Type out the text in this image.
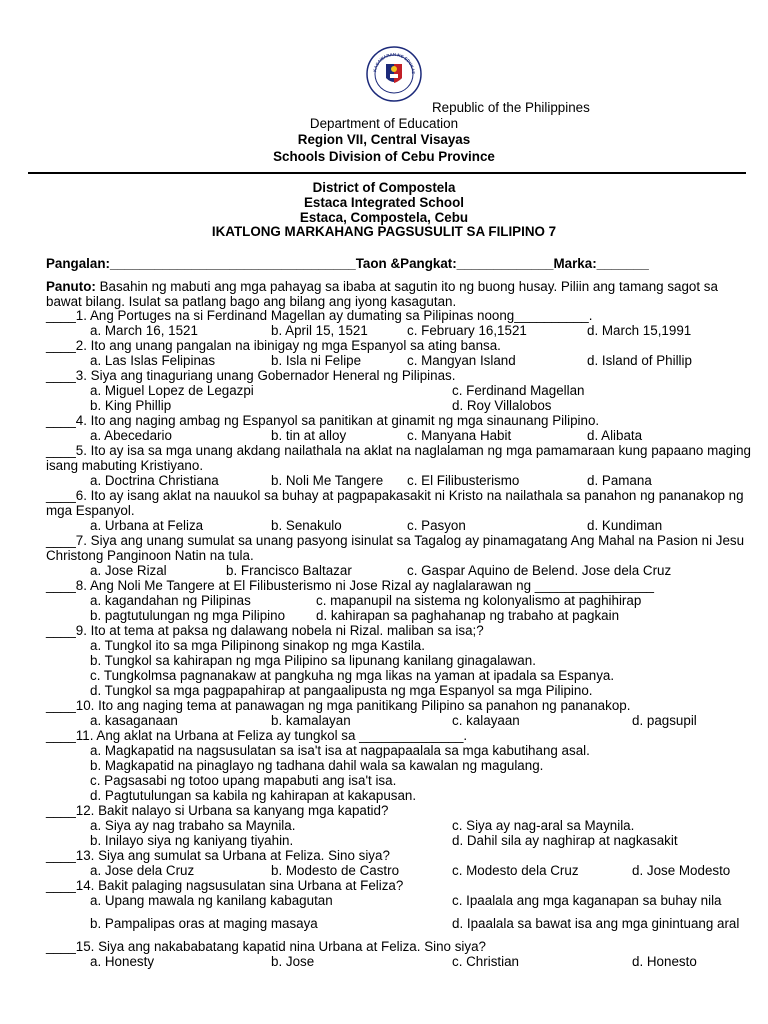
KAGAWARAN NG EDUKAS
Republic of the Philippines
Department of Education
Region VII, Central Visayas
Schools Division of Cebu Province
District of Compostela
Estaca Integrated School
Estaca, Compostela, Cebu
IKATLONG MARKAHANG PAGSUSULIT SA FILIPINO 7
Pangalan:_________________________________Taon &Pangkat:_____________Marka:_______
Panuto: Basahin ng mabuti ang mga pahayag sa ibaba at sagutin ito ng buong husay. Piliin ang tamang sagot sa bawat bilang. Isulat sa patlang bago ang bilang ang iyong kasagutan.
____1. Ang Portuges na si Ferdinand Magellan ay dumating sa Pilipinas noong__________.
a. March 16, 1521	b. April 15, 1521	c. February 16,1521	d. March 15,1991
____2. Ito ang unang pangalan na ibinigay ng mga Espanyol sa ating bansa.
a. Las Islas Felipinas	b. Isla ni Felipe	c. Mangyan Island	d. Island of Phillip
____3. Siya ang tinaguriang unang Gobernador Heneral ng Pilipinas.
a. Miguel Lopez de Legazpi	c. Ferdinand Magellan
b. King Phillip	d. Roy Villalobos
____4. Ito ang naging ambag ng Espanyol sa panitikan at ginamit ng mga sinaunang Pilipino.
a. Abecedario	b. tin at alloy	c. Manyana Habit	d. Alibata
____5. Ito ay isa sa mga unang akdang nailathala na aklat na naglalaman ng mga pamamaraan kung papaano maging isang mabuting Kristiyano.
a. Doctrina Christiana	b. Noli Me Tangere c. El Filibusterismo	d. Pamana
____6. Ito ay isang aklat na nauukol sa buhay at pagpapakasakit ni Kristo na nailathala sa panahon ng pananakop ng mga Espanyol.
a. Urbana at Feliza	b. Senakulo	c. Pasyon	d. Kundiman
____7. Siya ang unang sumulat sa unang pasyong isinulat sa Tagalog ay pinamagatang Ang Mahal na Pasion ni Jesu Christong Panginoon Natin na tula.
a. Jose Rizal	b. Francisco Baltazar	c. Gaspar Aquino de Belen d. Jose dela Cruz
____8. Ang Noli Me Tangere at El Filibusterismo ni Jose Rizal ay naglalarawan ng ________________
a. kagandahan ng Pilipinas	c. mapanupil na sistema ng kolonyalismo at paghihirap
b. pagtutulungan ng mga Pilipino d. kahirapan sa paghahanap ng trabaho at pagkain
____9. Ito at tema at paksa ng dalawang nobela ni Rizal. maliban sa isa;?
a. Tungkol ito sa mga Pilipinong sinakop ng mga Kastila.
b. Tungkol sa kahirapan ng mga Pilipino sa lipunang kanilang ginagalawan.
c. Tungkolmsa pagnanakaw at pangkuha ng mga likas na yaman at ipadala sa Espanya.
d. Tungkol sa mga pagpapahirap at pangaalipusta ng mga Espanyol sa mga Pilipino.
____10. Ito ang naging tema at panawagan ng mga panitikang Pilipino sa panahon ng pananakop.
a. kasaganaan	b. kamalayan	c. kalayaan	d. pagsupil
____11. Ang aklat na Urbana at Feliza ay tungkol sa ______________.
a. Magkapatid na nagsusulatan sa isa't isa at nagpapaalala sa mga kabutihang asal.
b. Magkapatid na pinaglayo ng tadhana dahil wala sa kawalan ng magulang.
c. Pagsasabi ng totoo upang mapabuti ang isa't isa.
d. Pagtutulungan sa kabila ng kahirapan at kakapusan.
____12. Bakit nalayo si Urbana sa kanyang mga kapatid?
a. Siya ay nag trabaho sa Maynila.	c. Siya ay nag-aral sa Maynila.
b. Inilayo siya ng kaniyang tiyahin.	d. Dahil sila ay naghirap at nagkasakit
____13. Siya ang sumulat sa Urbana at Feliza. Sino siya?
a. Jose dela Cruz	b. Modesto de Castro	c. Modesto dela Cruz	d. Jose Modesto
____14. Bakit palaging nagsusulatan sina Urbana at Feliza?
a. Upang mawala ng kanilang kabagutan	c. Ipaalala ang mga kaganapan sa buhay nila
b. Pampalipas oras at maging masaya	d. Ipaalala sa bawat isa ang mga ginintuang aral
____15. Siya ang nakababatang kapatid nina Urbana at Feliza. Sino siya?
a. Honesty	b. Jose	c. Christian	d. Honesto
